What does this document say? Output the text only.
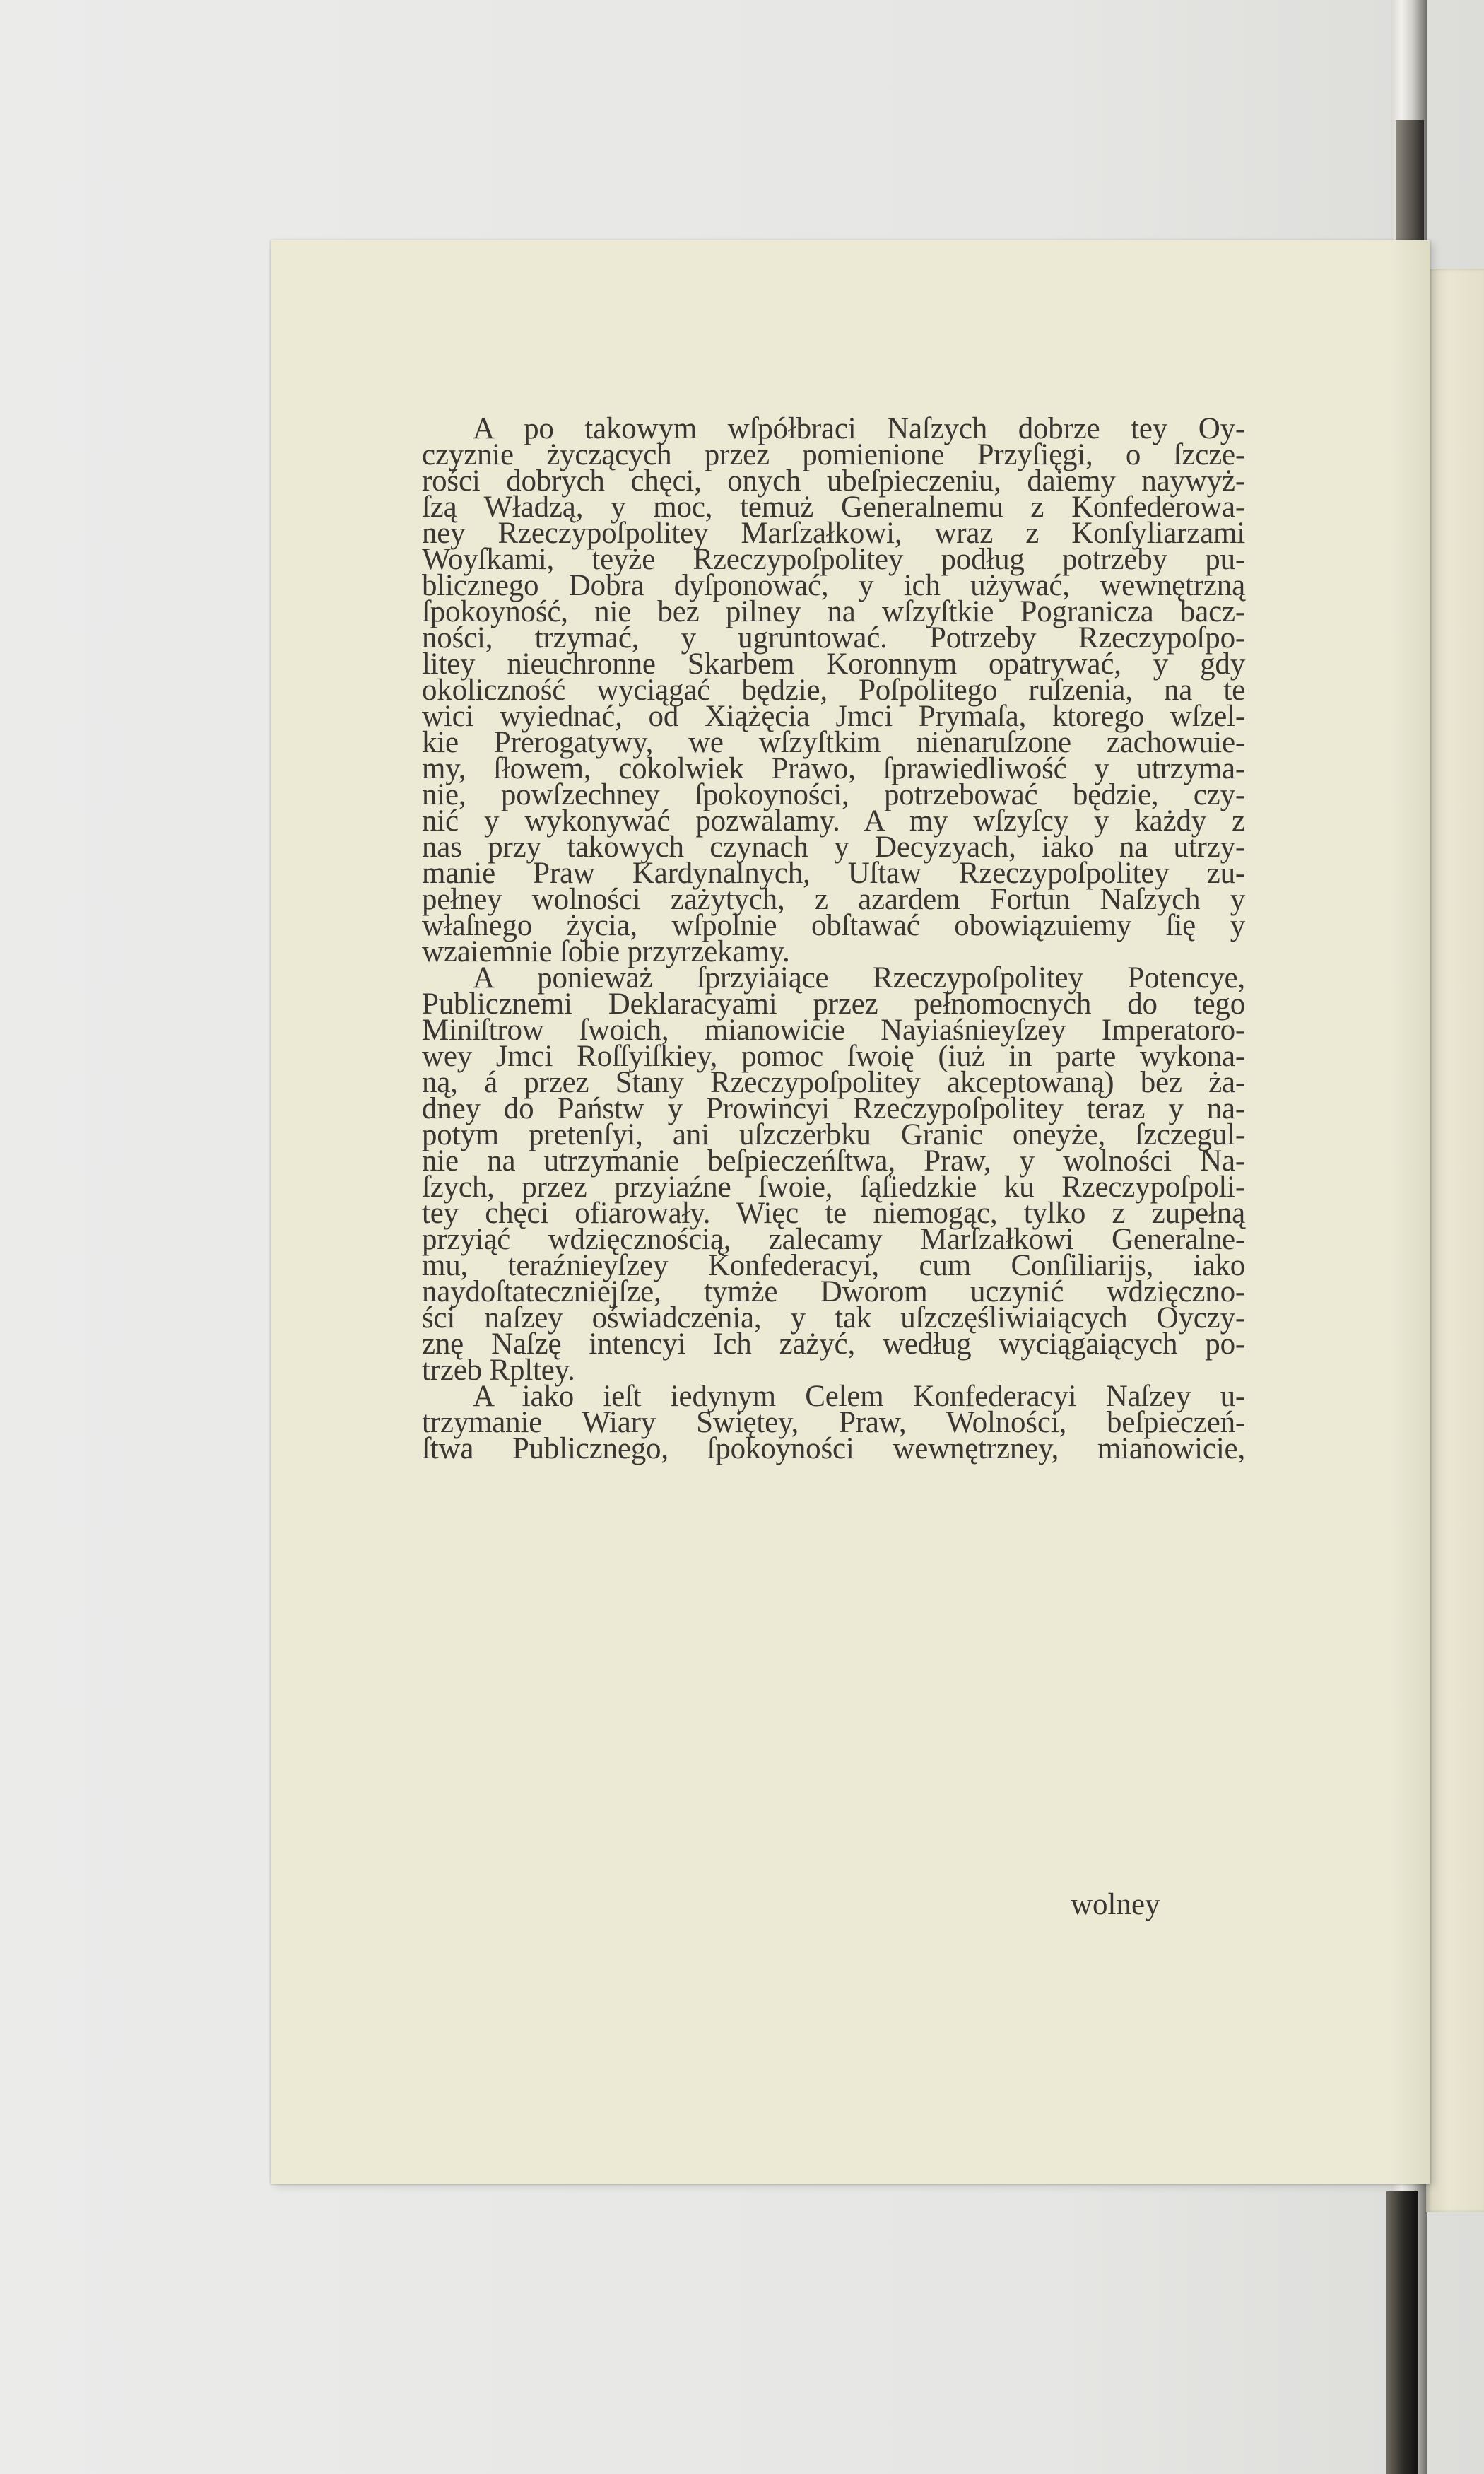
A po takowym wſpółbraci Naſzych dobrze tey Oy-
czyznie życzących przez pomienione Przyſięgi, o ſzcze-
rości dobrych chęci, onych ubeſpieczeniu, daiemy naywyż-
ſzą Władzą, y moc, temuż Generalnemu z Konfederowa-
ney Rzeczypoſpolitey Marſzałkowi, wraz z Konſyliarzami
Woyſkami, teyże Rzeczypoſpolitey podług potrzeby pu-
blicznego Dobra dyſponować, y ich używać, wewnętrzną
ſpokoyność, nie bez pilney na wſzyſtkie Pogranicza bacz-
ności, trzymać, y ugruntować. Potrzeby Rzeczypoſpo-
litey nieuchronne Skarbem Koronnym opatrywać, y gdy
okoliczność wyciągać będzie, Poſpolitego ruſzenia, na te
wici wyiednać, od Xiążęcia Jmci Prymaſa, ktorego wſzel-
kie Prerogatywy, we wſzyſtkim nienaruſzone zachowuie-
my, ſłowem, cokolwiek Prawo, ſprawiedliwość y utrzyma-
nie, powſzechney ſpokoyności, potrzebować będzie, czy-
nić y wykonywać pozwalamy. A my wſzyſcy y każdy z
nas przy takowych czynach y Decyzyach, iako na utrzy-
manie Praw Kardynalnych, Uſtaw Rzeczypoſpolitey zu-
pełney wolności zażytych, z azardem Fortun Naſzych y
właſnego życia, wſpolnie obſtawać obowiązuiemy ſię y
wzaiemnie ſobie przyrzekamy.
A ponieważ ſprzyiaiące Rzeczypoſpolitey Potencye,
Publicznemi Deklaracyami przez pełnomocnych do tego
Miniſtrow ſwoich, mianowicie Nayiaśnieyſzey Imperatoro-
wey Jmci Roſſyiſkiey, pomoc ſwoię (iuż in parte wykona-
ną, á przez Stany Rzeczypoſpolitey akceptowaną) bez ża-
dney do Państw y Prowincyi Rzeczypoſpolitey teraz y na-
potym pretenſyi, ani uſzczerbku Granic oneyże, ſzczegul-
nie na utrzymanie beſpieczeńſtwa, Praw, y wolności Na-
ſzych, przez przyiaźne ſwoie, ſąſiedzkie ku Rzeczypoſpoli-
tey chęci ofiarowały. Więc te niemogąc, tylko z zupełną
przyiąć wdzięcznością, zalecamy Marſzałkowi Generalne-
mu, teraźnieyſzey Konfederacyi, cum Conſiliarijs, iako
naydoſtateczniejſze, tymże Dworom uczynić wdzięczno-
ści naſzey oświadczenia, y tak uſzczęśliwiaiących Oyczy-
znę Naſzę intencyi Ich zażyć, według wyciągaiących po-
trzeb Rpltey.
A iako ieſt iedynym Celem Konfederacyi Naſzey u-
trzymanie Wiary Swiętey, Praw, Wolności, beſpieczeń-
ſtwa Publicznego, ſpokoyności wewnętrzney, mianowicie,
wolney
